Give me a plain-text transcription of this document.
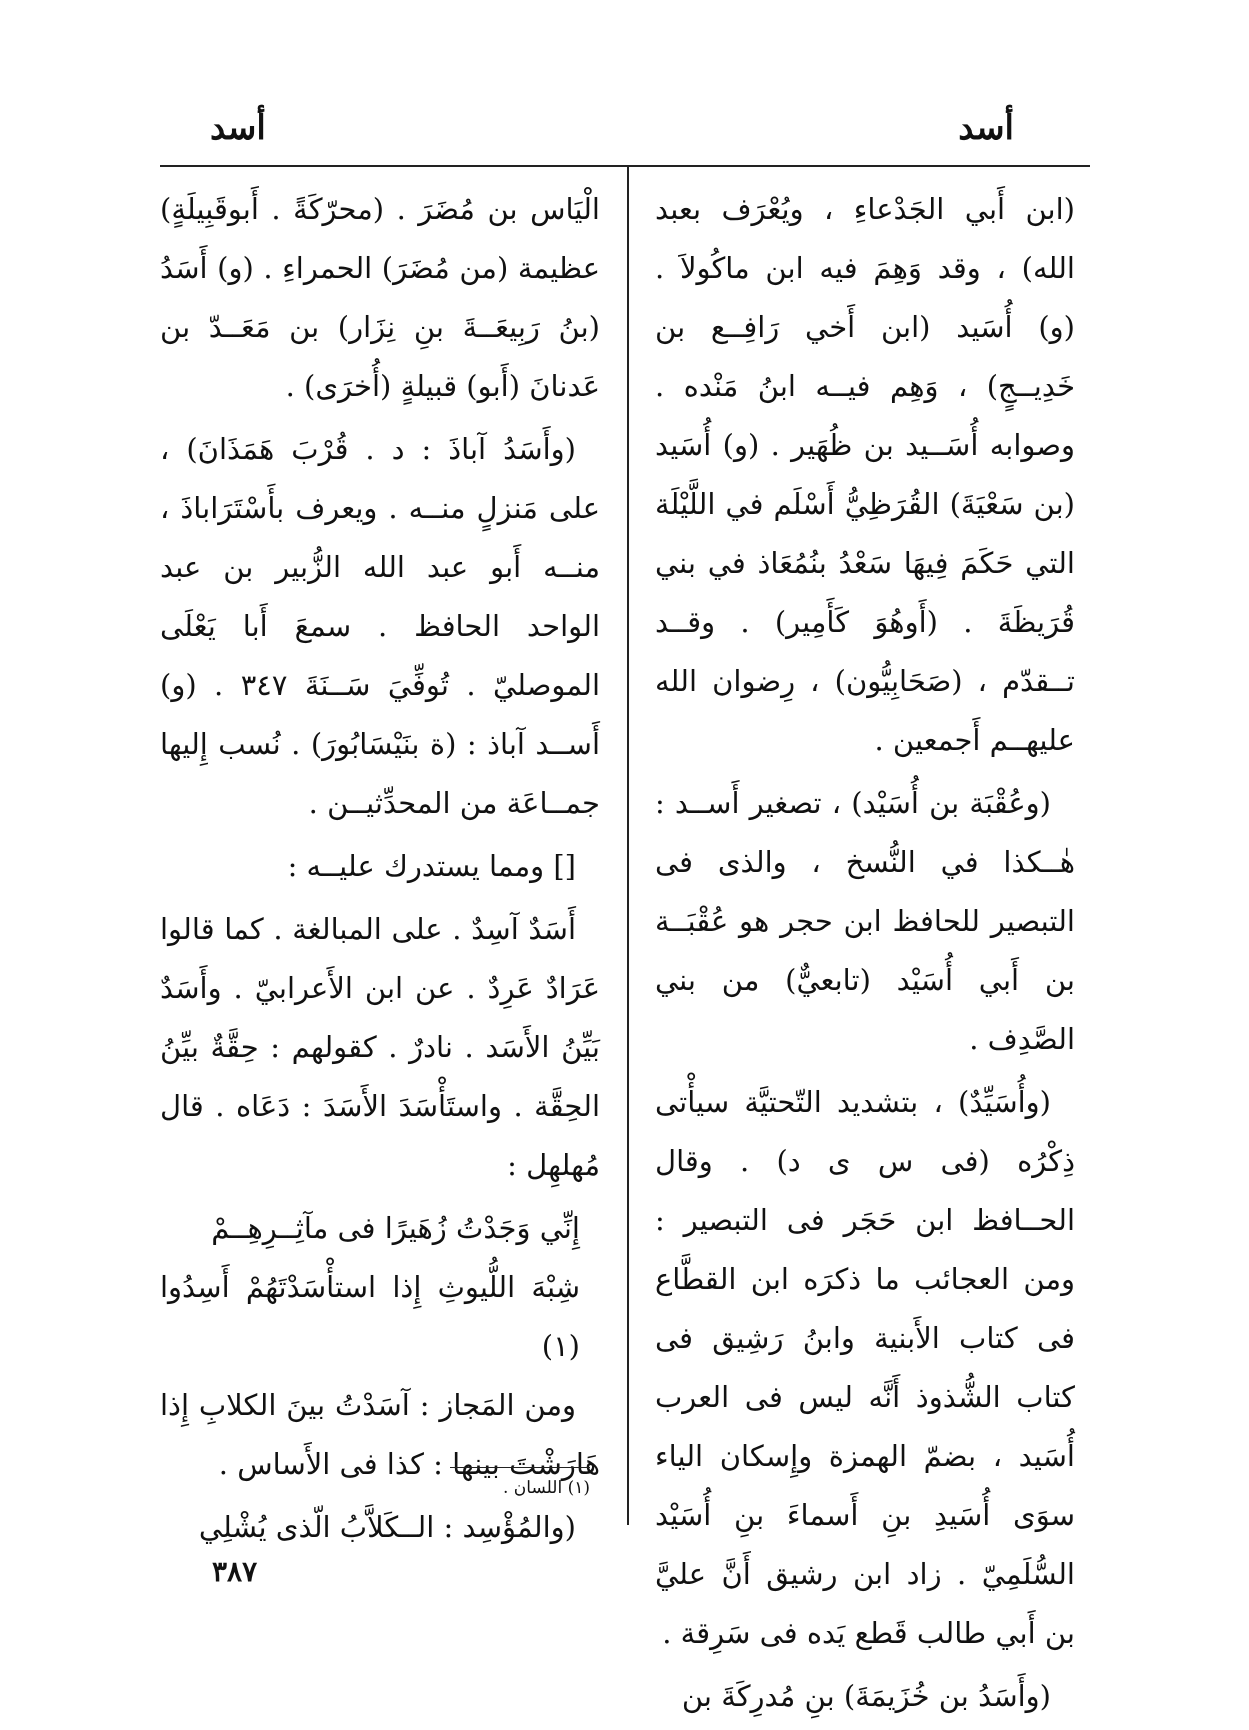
أسد
أسد

(ابن أَبي الجَدْعاءِ ، ويُعْرَف بعبد الله) ، وقد وَهِمَ فيه ابن ماكُولاَ . (و) أُسَيد (ابن أَخي رَافِــع بن خَدِيــجٍ) ، وَهِم فيــه ابنُ مَنْده . وصوابه أُسَــيد بن ظُهَير . (و) أُسَيد (بن سَعْيَةَ) القُرَظِيُّ أَسْلَم في اللَّيْلَة التي حَكَمَ فِيهَا سَعْدُ بنُمُعَاذ في بني قُرَيظَةَ . (أَوهُوَ كَأَمِير) . وقــد تــقدّم ، (صَحَابِيُّون) ، رِضوان الله عليهــم أَجمعين .

(وعُقْبَة بن أُسَيْد) ، تصغير أَســد : هٰــكذا في النُّسخ ، والذى فى التبصير للحافظ ابن حجر هو عُقْبَــة بن أَبي أُسَيْد (تابعيٌّ) من بني الصَّدِف .

(وأُسَيِّدٌ) ، بتشديد التّحتيَّة سيأْتى ذِكْرُه (فى س ى د) . وقال الحــافظ ابن حَجَر فى التبصير : ومن العجائب ما ذكرَه ابن القطَّاع فى كتاب الأَبنية وابنُ رَشِيق فى كتاب الشُّذوذ أَنَّه ليس فى العرب أُسَيد ، بضمّ الهمزة وإِسكان الياء سوَى أُسَيدِ بنِ أَسماءَ بنِ أُسَيْد السُّلَمِيّ . زاد ابن رشيق أَنَّ عليَّ بن أَبي طالب قَطع يَده فى سَرِقة .

(وأَسَدُ بن خُزَيمَةَ) بنِ مُدرِكَةَ بن

الْيَاس بن مُضَرَ . (محرّكَةً . أَبوقَبِيلَةٍ) عظيمة (من مُضَرَ) الحمراءِ . (و) أَسَدُ (بنُ رَبِيعَــةَ بنِ نِزَار) بن مَعَــدّ بن عَدنانَ (أَبو) قبيلةٍ (أُخرَى) .

(وأَسَدُ آباذَ : د . قُرْبَ هَمَذَانَ) ، على مَنزلٍ منــه . ويعرف بأَسْتَرَاباذَ ، منــه أَبو عبد الله الزُّبير بن عبد الواحد الحافظ . سمعَ أَبا يَعْلَى الموصليّ . تُوفِّيَ سَــنَةَ ٣٤٧ . (و) أَســد آباذ : (ة بنَيْسَابُورَ) . نُسب إِليها جمــاعَة من المحدِّثيــن .

[] ومما يستدرك عليــه :

أَسَدٌ آسِدٌ . على المبالغة . كما قالوا عَرَادٌ عَرِدٌ . عن ابن الأَعرابيّ . وأَسَدٌ بَيِّنُ الأَسَد . نادرٌ . كقولهم : حِقَّةٌ بيِّنُ الحِقَّة . واستَأْسَدَ الأَسَدَ : دَعَاه . قال مُهلهِل :

إِنِّي وَجَدْتُ زُهَيرًا فى مآثِــرِهِــمْ

شِبْهَ اللُّيوثِ إِذا استأْسَدْتَهُمْ أَسِدُوا (١)

ومن المَجاز : آسَدْتُ بينَ الكلابِ إِذا هَارَشْتَ بينها : كذا فى الأَساس .

(والمُؤْسِد : الــكَلاَّبُ الّذى يُشْلِي

(١) اللسان .
٣٨٧
